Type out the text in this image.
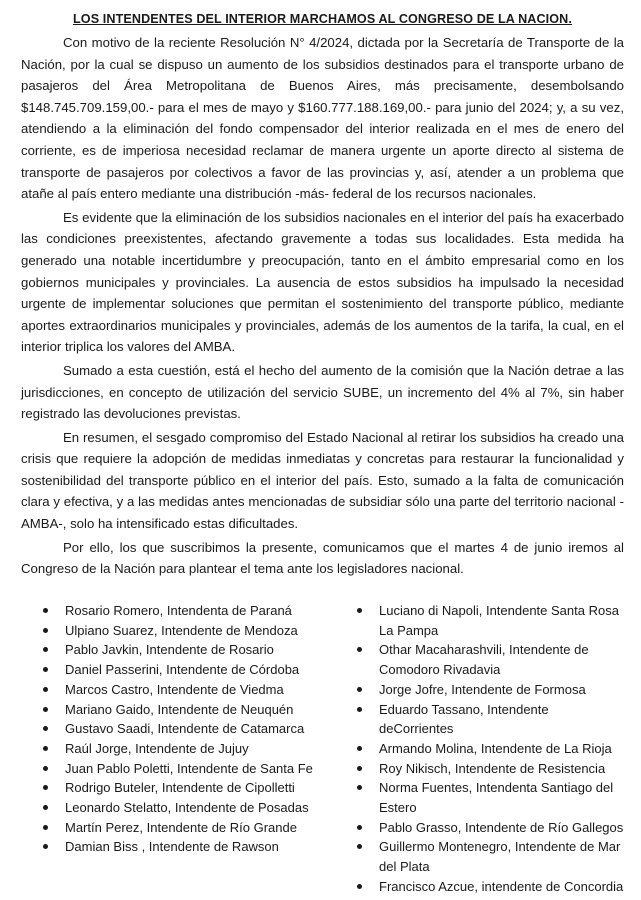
LOS INTENDENTES DEL INTERIOR MARCHAMOS AL CONGRESO DE LA NACION.

Con motivo de la reciente Resolución N° 4/2024, dictada por la Secretaría de Transporte de la Nación, por la cual se dispuso un aumento de los subsidios destinados para el transporte urbano de pasajeros del Área Metropolitana de Buenos Aires, más precisamente, desembolsando $148.745.709.159,00.- para el mes de mayo y $160.777.188.169,00.- para junio del 2024; y, a su vez, atendiendo a la eliminación del fondo compensador del interior realizada en el mes de enero del corriente, es de imperiosa necesidad reclamar de manera urgente un aporte directo al sistema de transporte de pasajeros por colectivos a favor de las provincias y, así, atender a un problema que atañe al país entero mediante una distribución -más- federal de los recursos nacionales.

Es evidente que la eliminación de los subsidios nacionales en el interior del país ha exacerbado las condiciones preexistentes, afectando gravemente a todas sus localidades. Esta medida ha generado una notable incertidumbre y preocupación, tanto en el ámbito empresarial como en los gobiernos municipales y provinciales. La ausencia de estos subsidios ha impulsado la necesidad urgente de implementar soluciones que permitan el sostenimiento del transporte público, mediante aportes extraordinarios municipales y provinciales, además de los aumentos de la tarifa, la cual, en el interior triplica los valores del AMBA.

Sumado a esta cuestión, está el hecho del aumento de la comisión que la Nación detrae a las jurisdicciones, en concepto de utilización del servicio SUBE, un incremento del 4% al 7%, sin haber registrado las devoluciones previstas.

En resumen, el sesgado compromiso del Estado Nacional al retirar los subsidios ha creado una crisis que requiere la adopción de medidas inmediatas y concretas para restaurar la funcionalidad y sostenibilidad del transporte público en el interior del país. Esto, sumado a la falta de comunicación clara y efectiva, y a las medidas antes mencionadas de subsidiar sólo una parte del territorio nacional -AMBA-, solo ha intensificado estas dificultades.

Por ello, los que suscribimos la presente, comunicamos que el martes 4 de junio iremos al Congreso de la Nación para plantear el tema ante los legisladores nacional.

Rosario Romero, Intendenta de Paraná
Ulpiano Suarez, Intendente de Mendoza
Pablo Javkin, Intendente de Rosario
Daniel Passerini, Intendente de Córdoba
Marcos Castro, Intendente de Viedma
Mariano Gaido, Intendente de Neuquén
Gustavo Saadi, Intendente de Catamarca
Raúl Jorge, Intendente de Jujuy
Juan Pablo Poletti, Intendente de Santa Fe
Rodrigo Buteler, Intendente de Cipolletti
Leonardo Stelatto, Intendente de Posadas
Martín Perez, Intendente de Río Grande
Damian Biss , Intendente de Rawson
Luciano di Napoli, Intendente Santa Rosa La Pampa
Othar Macaharashvili, Intendente de Comodoro Rivadavia
Jorge Jofre, Intendente de Formosa
Eduardo Tassano, Intendente deCorrientes
Armando Molina, Intendente de La Rioja
Roy Nikisch, Intendente de Resistencia
Norma Fuentes, Intendenta Santiago del Estero
Pablo Grasso, Intendente de Río Gallegos
Guillermo Montenegro, Intendente de Mar del Plata
Francisco Azcue, intendente de Concordia
